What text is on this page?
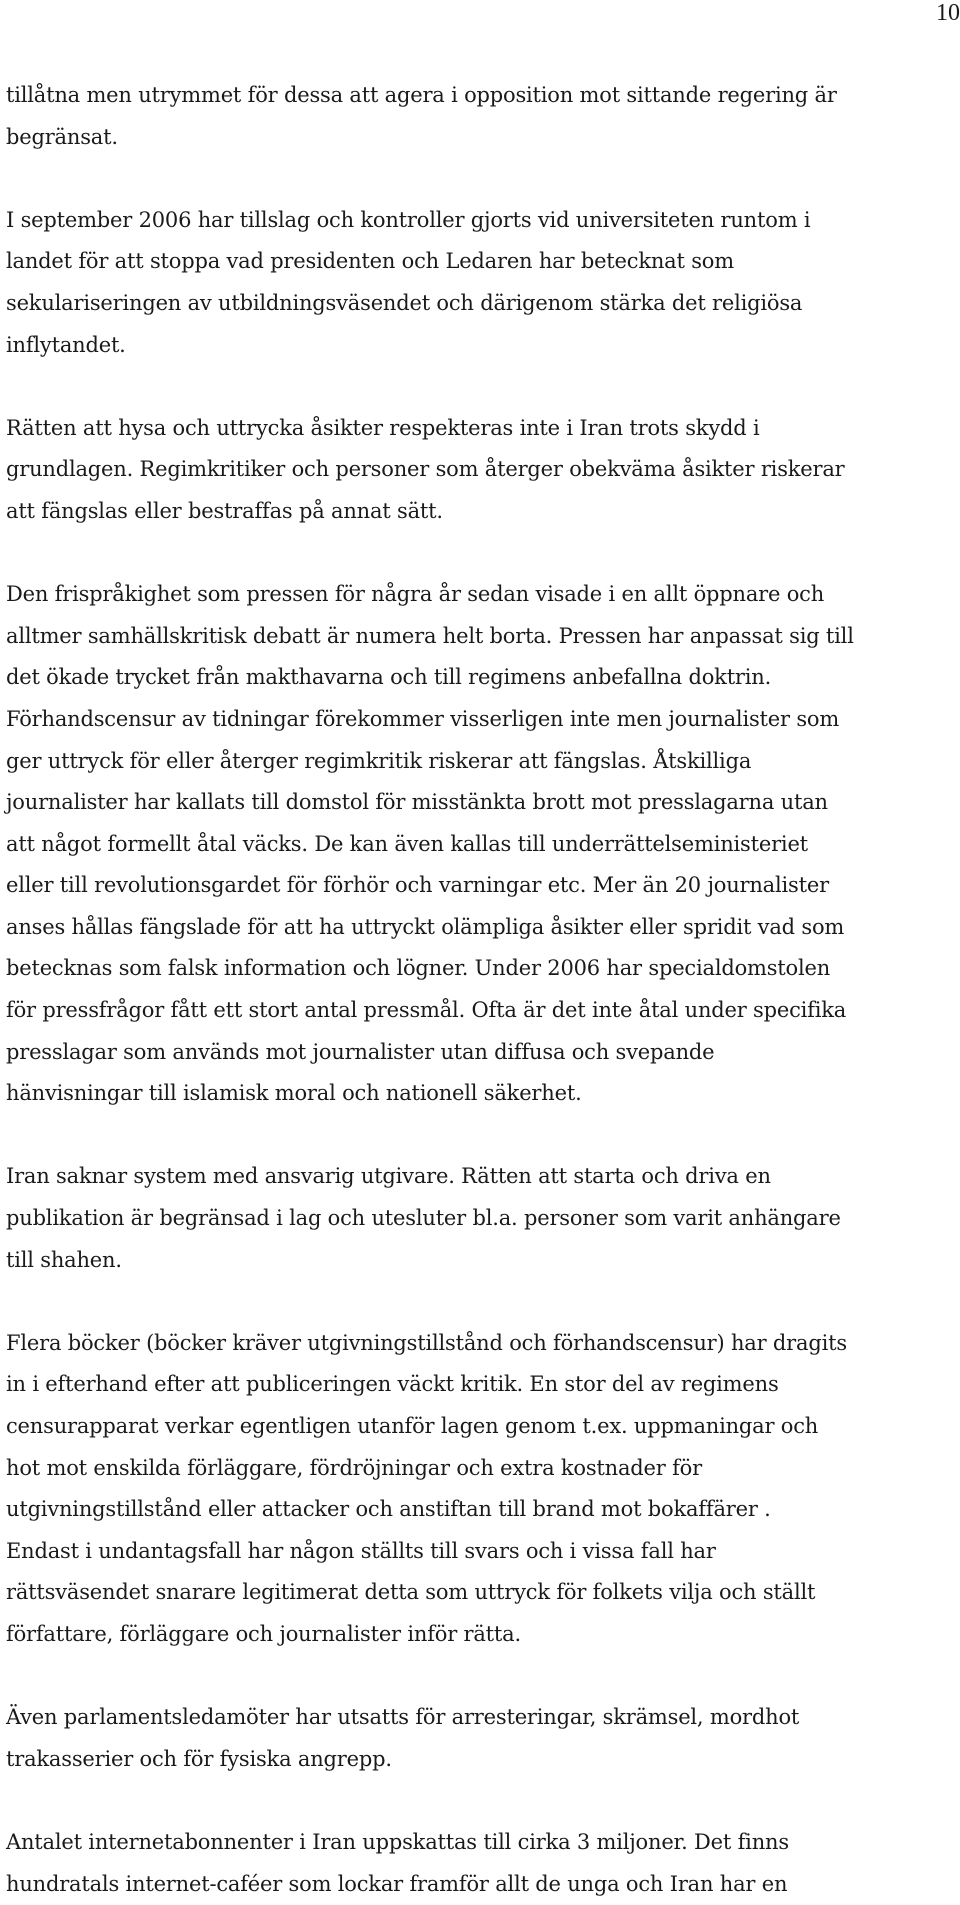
10
tillåtna men utrymmet för dessa att agera i opposition mot sittande regering är
begränsat.
I september 2006 har tillslag och kontroller gjorts vid universiteten runtom i
landet för att stoppa vad presidenten och Ledaren har betecknat som
sekulariseringen av utbildningsväsendet och därigenom stärka det religiösa
inflytandet.
Rätten att hysa och uttrycka åsikter respekteras inte i Iran trots skydd i
grundlagen. Regimkritiker och personer som återger obekväma åsikter riskerar
att fängslas eller bestraffas på annat sätt.
Den frispråkighet som pressen för några år sedan visade i en allt öppnare och
alltmer samhällskritisk debatt är numera helt borta. Pressen har anpassat sig till
det ökade trycket från makthavarna och till regimens anbefallna doktrin.
Förhandscensur av tidningar förekommer visserligen inte men journalister som
ger uttryck för eller återger regimkritik riskerar att fängslas. Åtskilliga
journalister har kallats till domstol för misstänkta brott mot presslagarna utan
att något formellt åtal väcks. De kan även kallas till underrättelseministeriet
eller till revolutionsgardet för förhör och varningar etc. Mer än 20 journalister
anses hållas fängslade för att ha uttryckt olämpliga åsikter eller spridit vad som
betecknas som falsk information och lögner. Under 2006 har specialdomstolen
för pressfrågor fått ett stort antal pressmål. Ofta är det inte åtal under specifika
presslagar som används mot journalister utan diffusa och svepande
hänvisningar till islamisk moral och nationell säkerhet.
Iran saknar system med ansvarig utgivare. Rätten att starta och driva en
publikation är begränsad i lag och utesluter bl.a. personer som varit anhängare
till shahen.
Flera böcker (böcker kräver utgivningstillstånd och förhandscensur) har dragits
in i efterhand efter att publiceringen väckt kritik. En stor del av regimens
censurapparat verkar egentligen utanför lagen genom t.ex. uppmaningar och
hot mot enskilda förläggare, fördröjningar och extra kostnader för
utgivningstillstånd eller attacker och anstiftan till brand mot bokaffärer .
Endast i undantagsfall har någon ställts till svars och i vissa fall har
rättsväsendet snarare legitimerat detta som uttryck för folkets vilja och ställt
författare, förläggare och journalister inför rätta.
Även parlamentsledamöter har utsatts för arresteringar, skrämsel, mordhot
trakasserier och för fysiska angrepp.
Antalet internetabonnenter i Iran uppskattas till cirka 3 miljoner. Det finns
hundratals internet-caféer som lockar framför allt de unga och Iran har en
